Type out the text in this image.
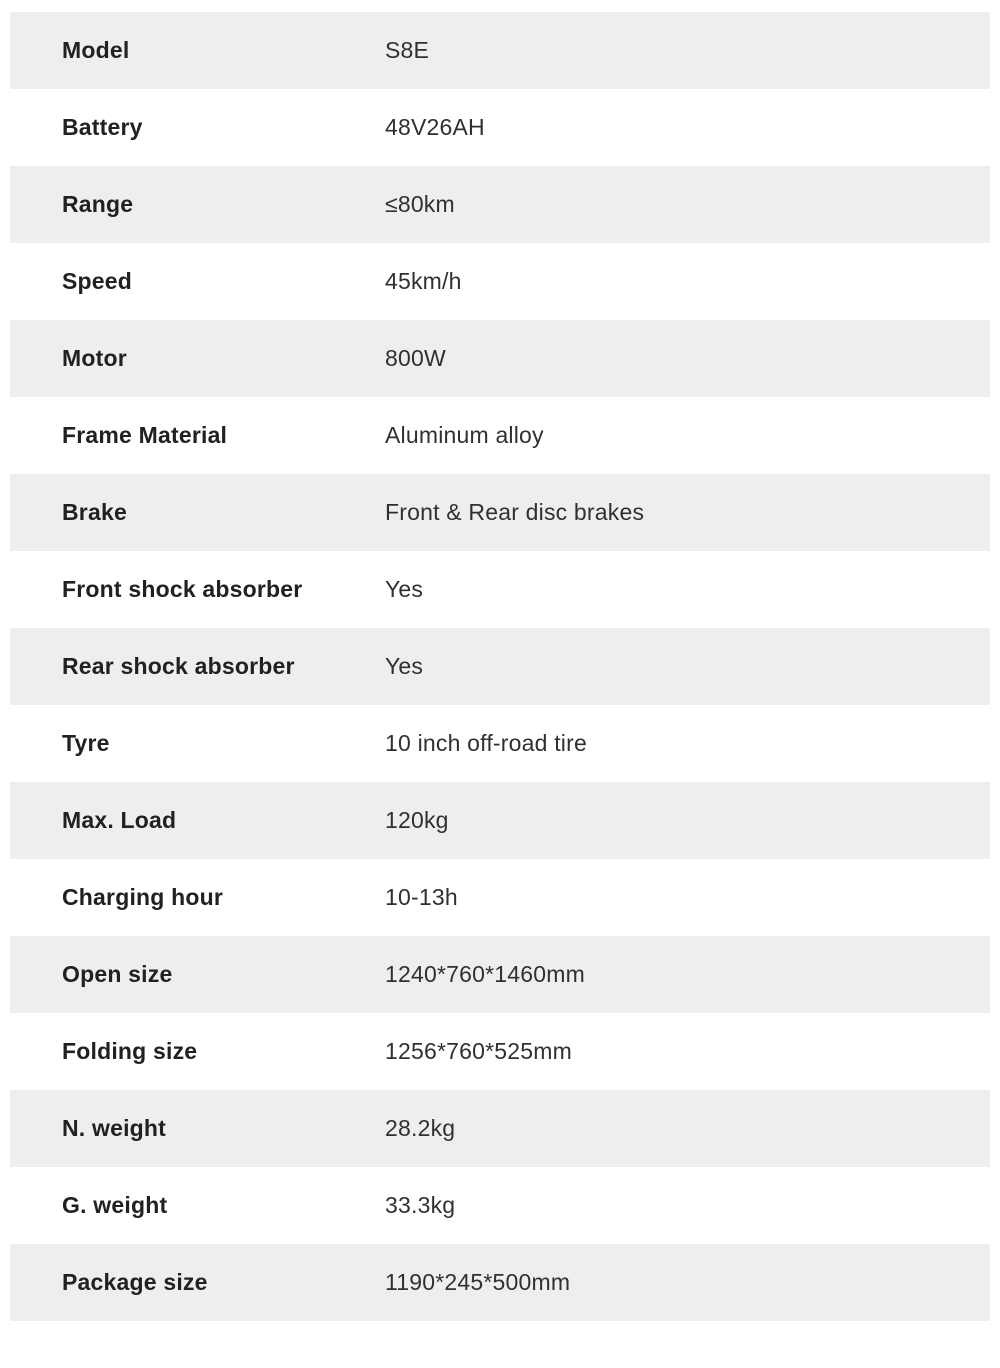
Model	S8E
Battery	48V26AH
Range	≤80km
Speed	45km/h
Motor	800W
Frame Material	Aluminum alloy
Brake	Front & Rear disc brakes
Front shock absorber	Yes
Rear shock absorber	Yes
Tyre	10 inch off-road tire
Max. Load	120kg
Charging hour	10-13h
Open size	1240*760*1460mm
Folding size	1256*760*525mm
N. weight	28.2kg
G. weight	33.3kg
Package size	1190*245*500mm
